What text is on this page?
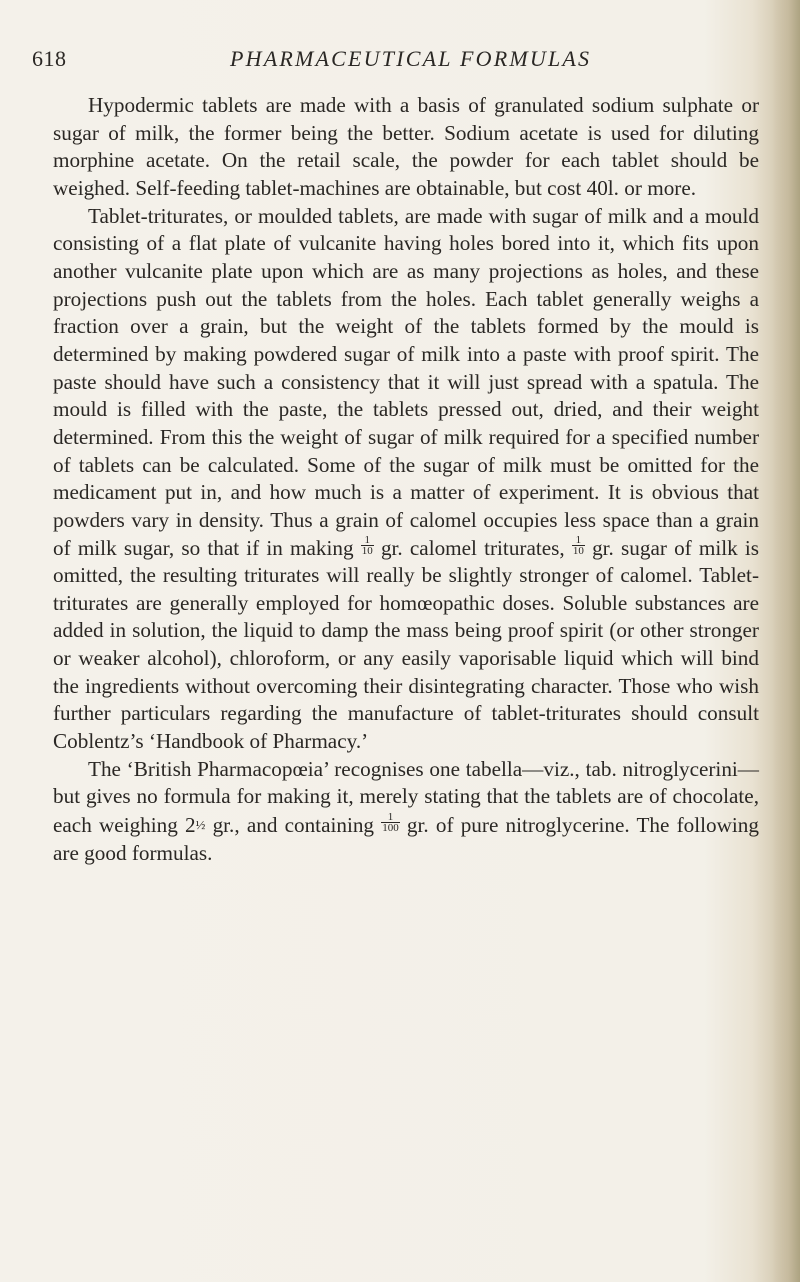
618	PHARMACEUTICAL FORMULAS

Hypodermic tablets are made with a basis of granulated sodium sulphate or sugar of milk, the former being the better. Sodium acetate is used for diluting morphine acetate. On the retail scale, the powder for each tablet should be weighed. Self-feeding tablet-machines are obtainable, but cost 40l. or more.

Tablet-triturates, or moulded tablets, are made with sugar of milk and a mould consisting of a flat plate of vulcanite having holes bored into it, which fits upon another vulcanite plate upon which are as many projections as holes, and these projections push out the tablets from the holes. Each tablet generally weighs a fraction over a grain, but the weight of the tablets formed by the mould is determined by making powdered sugar of milk into a paste with proof spirit. The paste should have such a consistency that it will just spread with a spatula. The mould is filled with the paste, the tablets pressed out, dried, and their weight determined. From this the weight of sugar of milk required for a specified number of tablets can be calculated. Some of the sugar of milk must be omitted for the medicament put in, and how much is a matter of experiment. It is obvious that powders vary in density. Thus a grain of calomel occupies less space than a grain of milk sugar, so that if in making $\frac{1}{10}$ gr. calomel triturates, $\frac{1}{10}$ gr. sugar of milk is omitted, the resulting triturates will really be slightly stronger of calomel. Tablet-triturates are generally employed for homœopathic doses. Soluble substances are added in solution, the liquid to damp the mass being proof spirit (or other stronger or weaker alcohol), chloroform, or any easily vaporisable liquid which will bind the ingredients without overcoming their disintegrating character. Those who wish further particulars regarding the manufacture of tablet-triturates should consult Coblentz’s ‘Handbook of Pharmacy.’

The ‘British Pharmacopœia’ recognises one tabella—viz., tab. nitroglycerini—but gives no formula for making it, merely stating that the tablets are of chocolate, each weighing 2½ gr., and containing $\frac{1}{100}$ gr. of pure nitroglycerine. The following are good formulas.
